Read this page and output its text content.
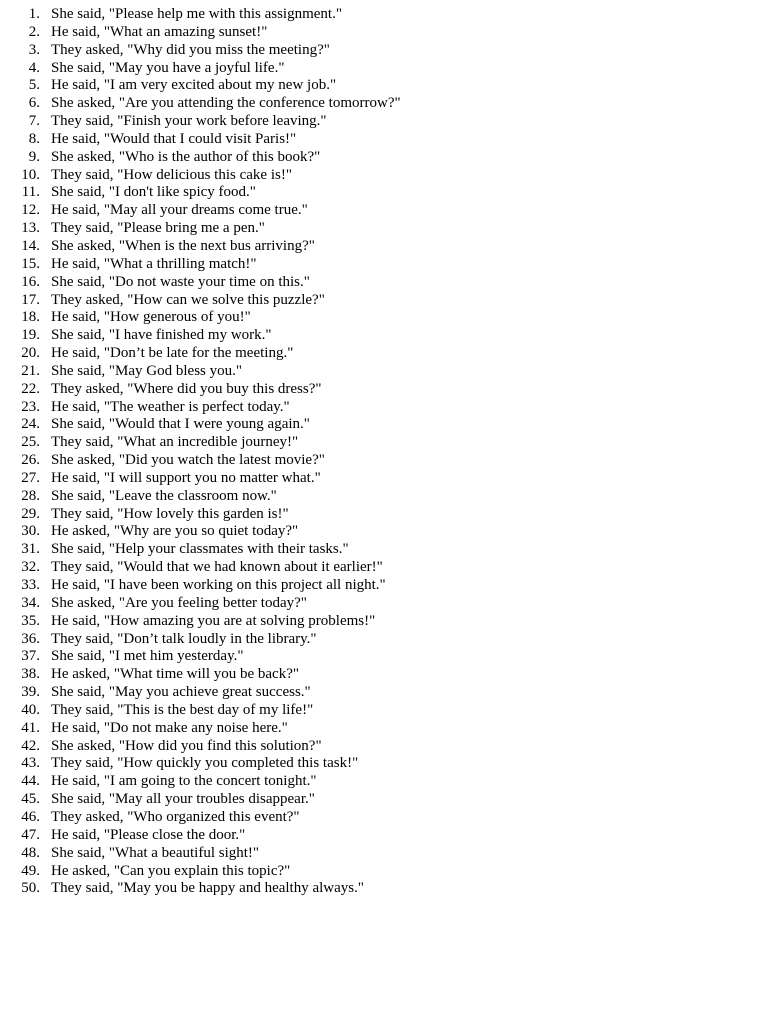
1. She said, "Please help me with this assignment."
2. He said, "What an amazing sunset!"
3. They asked, "Why did you miss the meeting?"
4. She said, "May you have a joyful life."
5. He said, "I am very excited about my new job."
6. She asked, "Are you attending the conference tomorrow?"
7. They said, "Finish your work before leaving."
8. He said, "Would that I could visit Paris!"
9. She asked, "Who is the author of this book?"
10. They said, "How delicious this cake is!"
11. She said, "I don't like spicy food."
12. He said, "May all your dreams come true."
13. They said, "Please bring me a pen."
14. She asked, "When is the next bus arriving?"
15. He said, "What a thrilling match!"
16. She said, "Do not waste your time on this."
17. They asked, "How can we solve this puzzle?"
18. He said, "How generous of you!"
19. She said, "I have finished my work."
20. He said, "Don’t be late for the meeting."
21. She said, "May God bless you."
22. They asked, "Where did you buy this dress?"
23. He said, "The weather is perfect today."
24. She said, "Would that I were young again."
25. They said, "What an incredible journey!"
26. She asked, "Did you watch the latest movie?"
27. He said, "I will support you no matter what."
28. She said, "Leave the classroom now."
29. They said, "How lovely this garden is!"
30. He asked, "Why are you so quiet today?"
31. She said, "Help your classmates with their tasks."
32. They said, "Would that we had known about it earlier!"
33. He said, "I have been working on this project all night."
34. She asked, "Are you feeling better today?"
35. He said, "How amazing you are at solving problems!"
36. They said, "Don’t talk loudly in the library."
37. She said, "I met him yesterday."
38. He asked, "What time will you be back?"
39. She said, "May you achieve great success."
40. They said, "This is the best day of my life!"
41. He said, "Do not make any noise here."
42. She asked, "How did you find this solution?"
43. They said, "How quickly you completed this task!"
44. He said, "I am going to the concert tonight."
45. She said, "May all your troubles disappear."
46. They asked, "Who organized this event?"
47. He said, "Please close the door."
48. She said, "What a beautiful sight!"
49. He asked, "Can you explain this topic?"
50. They said, "May you be happy and healthy always."
